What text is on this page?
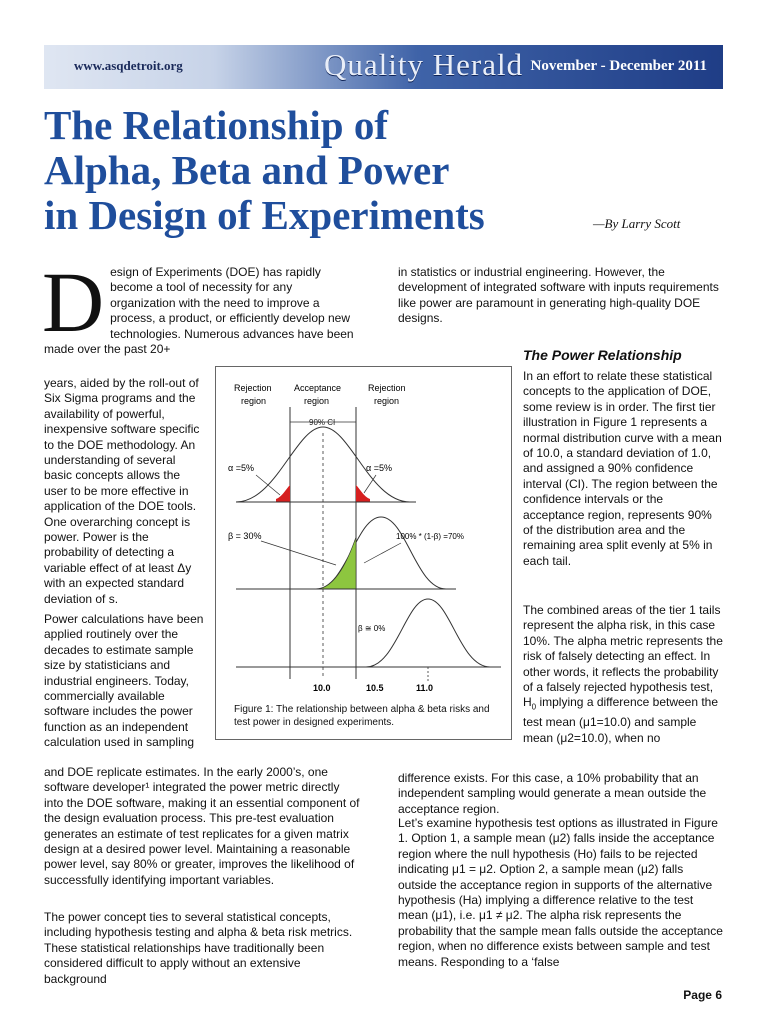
www.asqdetroit.org	Quality Herald November - December 2011
The Relationship of
Alpha, Beta and Power
in Design of Experiments	—By Larry Scott
D esign of Experiments (DOE) has rapidly become a tool of necessity for any organization with the need to improve a process, a product, or efficiently develop new technologies. Numerous advances have been made over the past 20+
years, aided by the roll-out of Six Sigma programs and the availability of powerful, inexpensive software specific to the DOE methodology. An understanding of several basic concepts allows the user to be more effective in application of the DOE tools. One overarching concept is power. Power is the probability of detecting a variable effect of at least Δy with an expected standard deviation of s.
Power calculations have been applied routinely over the decades to estimate sample size by statisticians and industrial engineers. Today, commercially available software includes the power function as an independent calculation used in sampling
and DOE replicate estimates. In the early 2000’s, one software developer¹ integrated the power metric directly into the DOE software, making it an essential component of the design evaluation process. This pre-test evaluation generates an estimate of test replicates for a given matrix design at a desired power level. Maintaining a reasonable power level, say 80% or greater, improves the likelihood of successfully identifying important variables.
The power concept ties to several statistical concepts, including hypothesis testing and alpha & beta risk metrics. These statistical relationships have traditionally been considered difficult to apply without an extensive background
in statistics or industrial engineering. However, the development of integrated software with inputs requirements like power are paramount in generating high-quality DOE designs.
The Power Relationship
In an effort to relate these statistical concepts to the application of DOE, some review is in order. The first tier illustration in Figure 1 represents a normal distribution curve with a mean of 10.0, a standard deviation of 1.0, and assigned a 90% confidence interval (CI). The region between the confidence intervals or the acceptance region, represents 90% of the distribution area and the remaining area split evenly at 5% in each tail.
The combined areas of the tier 1 tails represent the alpha risk, in this case 10%. The alpha metric represents the risk of falsely detecting an effect. In other words, it reflects the probability of a falsely rejected hypothesis test, $H_0$ implying a difference between the test mean (μ1=10.0) and sample mean (μ2=10.0), when no
difference exists. For this case, a 10% probability that an independent sampling would generate a mean outside the acceptance region.
Let’s examine hypothesis test options as illustrated in Figure 1. Option 1, a sample mean (μ2) falls inside the acceptance region where the null hypothesis (Ho) fails to be rejected indicating μ1 = μ2. Option 2, a sample mean (μ2) falls outside the acceptance region in supports of the alternative hypothesis (Ha) implying a difference relative to the test mean (μ1), i.e. μ1 ≠ μ2. The alpha risk represents the probability that the sample mean falls outside the acceptance region, when no difference exists between sample and test means. Responding to a ‘false
Rejection region
Acceptance region
Rejection region
90% CI
α =5%	α =5%
β = 30%	100% * (1-β) =70%
β ≅ 0%
10.0	10.5	11.0
Figure 1: The relationship between alpha & beta risks and test power in designed experiments.
Page 6
